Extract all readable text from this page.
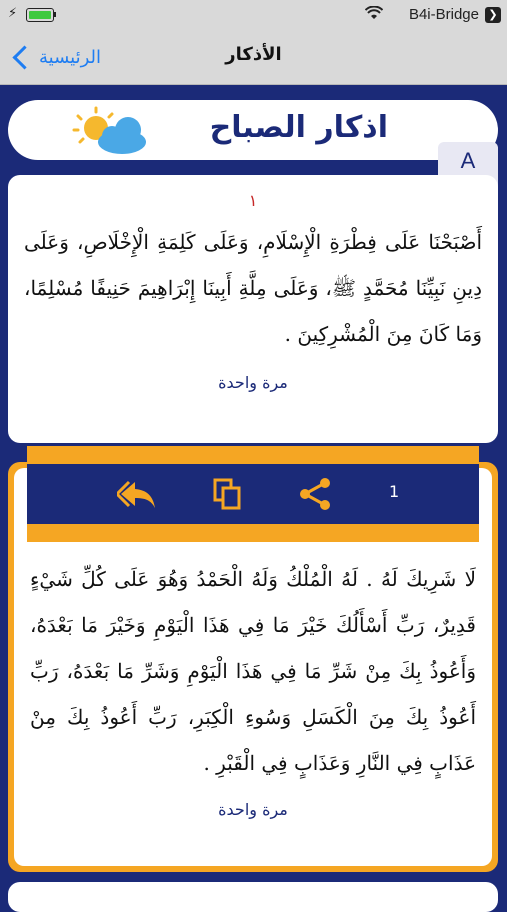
⚡	B4i-Bridge ❯
الرئيسية	الأذكار
اذكار الصباح
A
١
أَصْبَحْنَا عَلَى فِطْرَةِ الْإِسْلَامِ، وَعَلَى كَلِمَةِ الْإِخْلَاصِ، وَعَلَى دِينِ نَبِيِّنَا مُحَمَّدٍ ﷺ، وَعَلَى مِلَّةِ أَبِينَا إِبْرَاهِيمَ حَنِيفًا مُسْلِمًا، وَمَا كَانَ مِنَ الْمُشْرِكِينَ .
مرة واحدة
لَا شَرِيكَ لَهُ . لَهُ الْمُلْكُ وَلَهُ الْحَمْدُ وَهُوَ عَلَى كُلِّ شَيْءٍ قَدِيرٌ، رَبِّ أَسْأَلُكَ خَيْرَ مَا فِي هَذَا الْيَوْمِ وَخَيْرَ مَا بَعْدَهُ، وَأَعُوذُ بِكَ مِنْ شَرِّ مَا فِي هَذَا الْيَوْمِ وَشَرِّ مَا بَعْدَهُ، رَبِّ أَعُوذُ بِكَ مِنَ الْكَسَلِ وَسُوءِ الْكِبَرِ، رَبِّ أَعُوذُ بِكَ مِنْ عَذَابٍ فِي النَّارِ وَعَذَابٍ فِي الْقَبْرِ .
مرة واحدة
1
